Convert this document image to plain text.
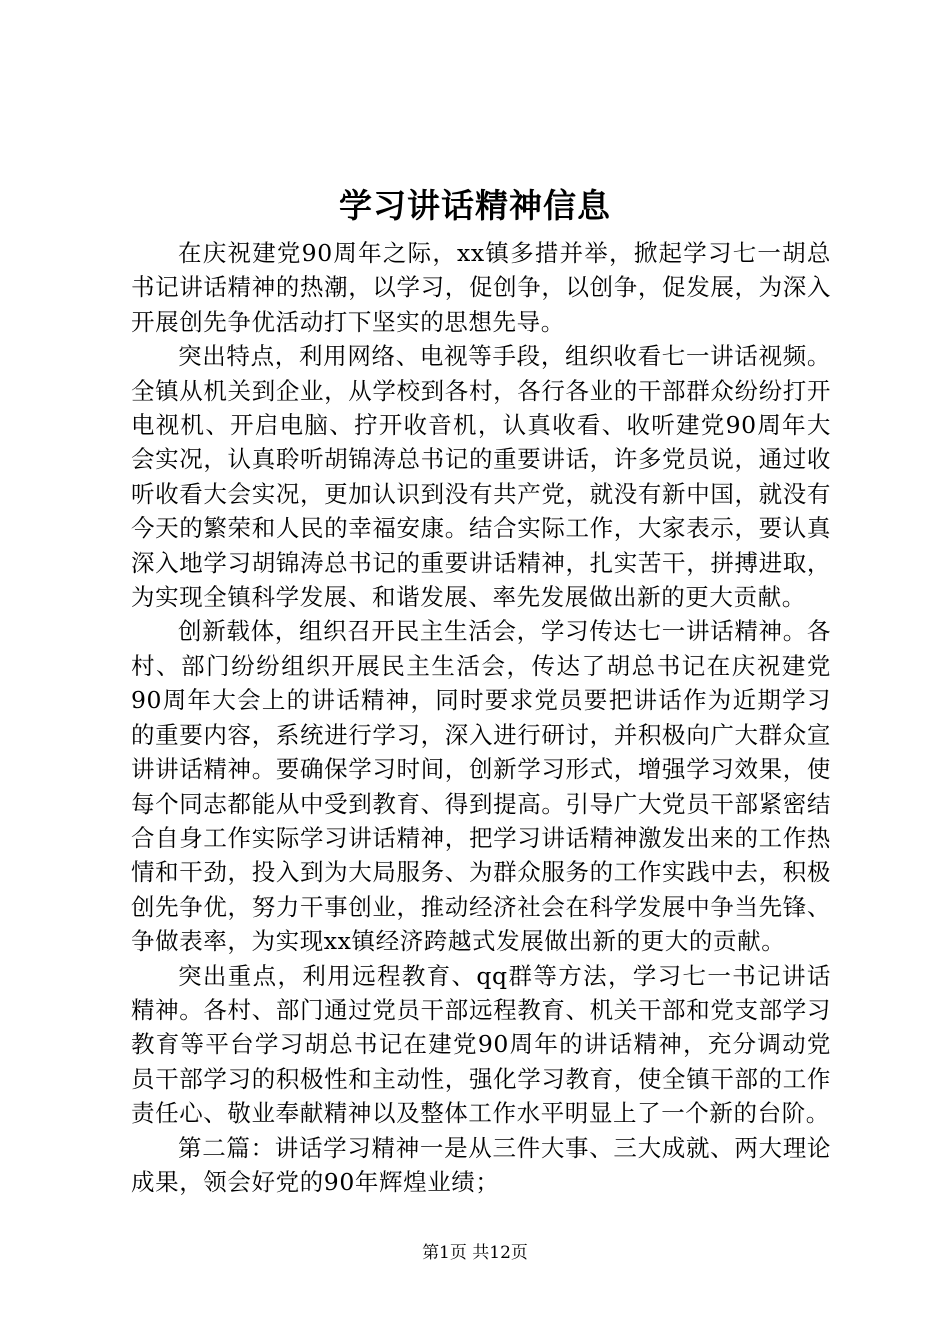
学习讲话精神信息

在庆祝建党90周年之际，xx镇多措并举，掀起学习七一胡总书记讲话精神的热潮，以学习，促创争，以创争，促发展，为深入开展创先争优活动打下坚实的思想先导。

突出特点，利用网络、电视等手段，组织收看七一讲话视频。全镇从机关到企业，从学校到各村，各行各业的干部群众纷纷打开电视机、开启电脑、拧开收音机，认真收看、收听建党90周年大会实况，认真聆听胡锦涛总书记的重要讲话，许多党员说，通过收听收看大会实况，更加认识到没有共产党，就没有新中国，就没有今天的繁荣和人民的幸福安康。结合实际工作，大家表示，要认真深入地学习胡锦涛总书记的重要讲话精神，扎实苦干，拼搏进取，为实现全镇科学发展、和谐发展、率先发展做出新的更大贡献。

创新载体，组织召开民主生活会，学习传达七一讲话精神。各村、部门纷纷组织开展民主生活会，传达了胡总书记在庆祝建党90周年大会上的讲话精神，同时要求党员要把讲话作为近期学习的重要内容，系统进行学习，深入进行研讨，并积极向广大群众宣讲讲话精神。要确保学习时间，创新学习形式，增强学习效果，使每个同志都能从中受到教育、得到提高。引导广大党员干部紧密结合自身工作实际学习讲话精神，把学习讲话精神激发出来的工作热情和干劲，投入到为大局服务、为群众服务的工作实践中去，积极创先争优，努力干事创业，推动经济社会在科学发展中争当先锋、争做表率，为实现xx镇经济跨越式发展做出新的更大的贡献。

突出重点，利用远程教育、qq群等方法，学习七一书记讲话精神。各村、部门通过党员干部远程教育、机关干部和党支部学习教育等平台学习胡总书记在建党90周年的讲话精神，充分调动党员干部学习的积极性和主动性，强化学习教育，使全镇干部的工作责任心、敬业奉献精神以及整体工作水平明显上了一个新的台阶。

第二篇：讲话学习精神一是从三件大事、三大成就、两大理论成果，领会好党的90年辉煌业绩；

第1页 共12页
